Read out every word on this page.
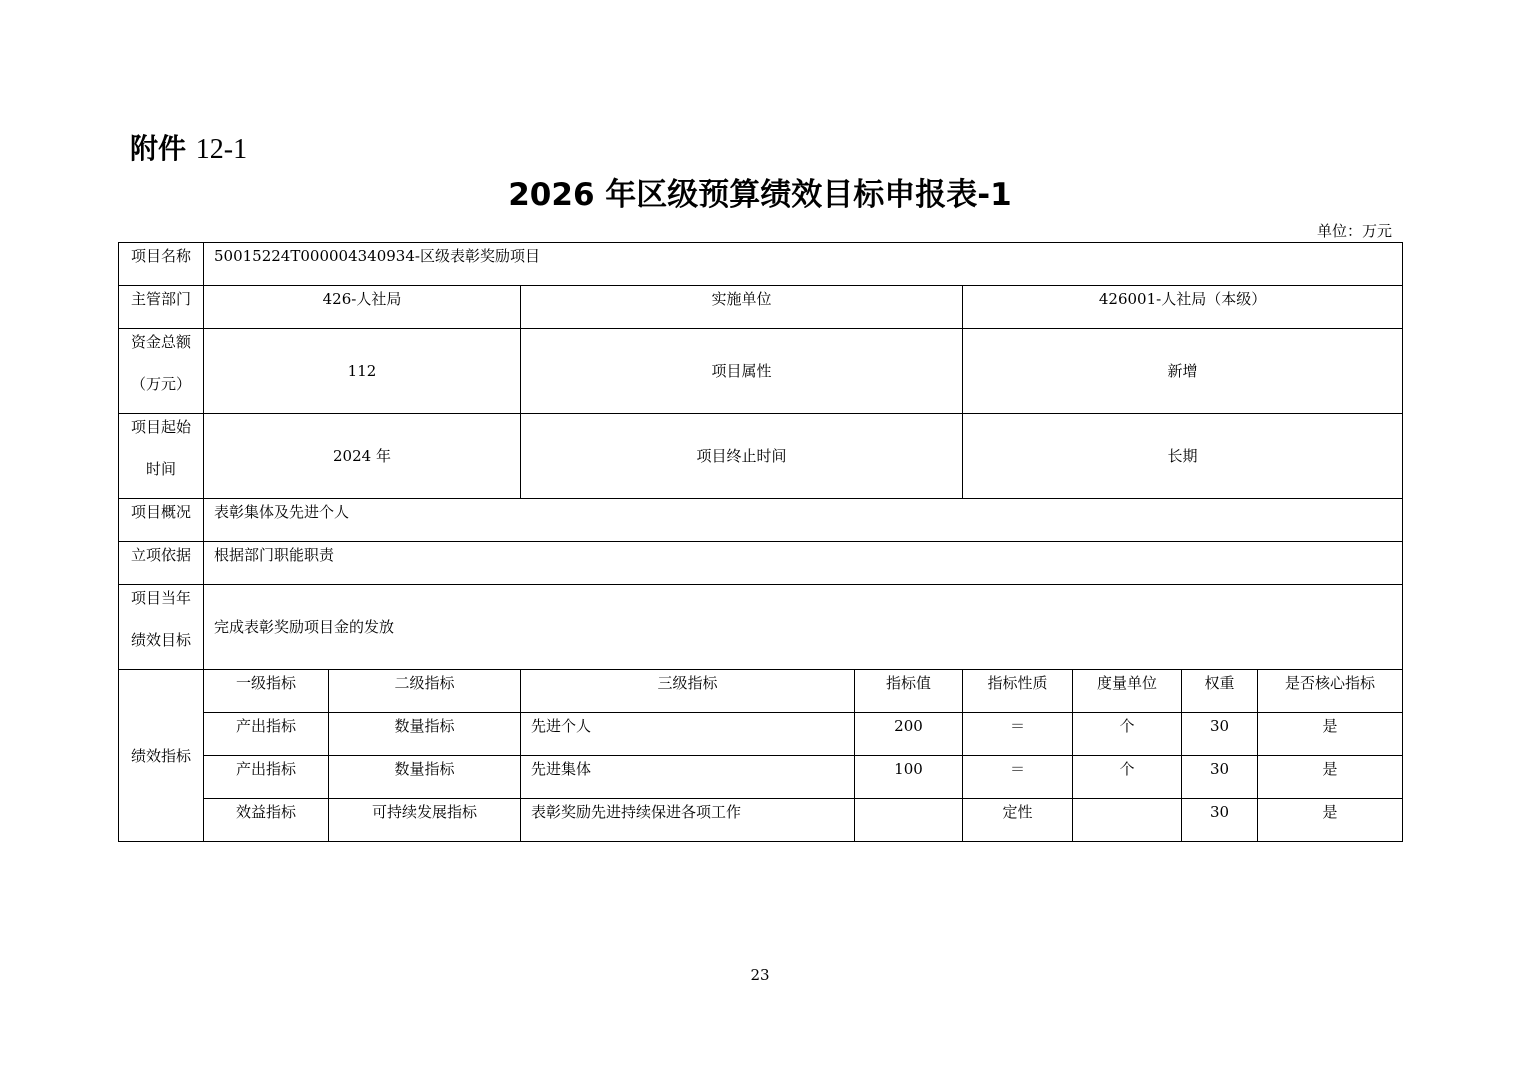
附件 12-1
2026 年区级预算绩效目标申报表-1
单位：万元
项目名称	50015224T000004340934-区级表彰奖励项目							
主管部门	426-人社局		实施单位		426001-人社局（本级）			

资金总额
（万元）	112		项目属性		新增			

项目起始
时间	2024 年		项目终止时间		长期			
项目概况	表彰集体及先进个人							
立项依据	根据部门职能职责							

项目当年
绩效目标	完成表彰奖励项目金的发放							
绩效指标	一级指标	二级指标	三级指标	指标值	指标性质	度量单位	权重	是否核心指标
	产出指标	数量指标	先进个人	200	＝	个	30	是
	产出指标	数量指标	先进集体	100	＝	个	30	是
	效益指标	可持续发展指标	表彰奖励先进持续保进各项工作		定性		30	是
23
